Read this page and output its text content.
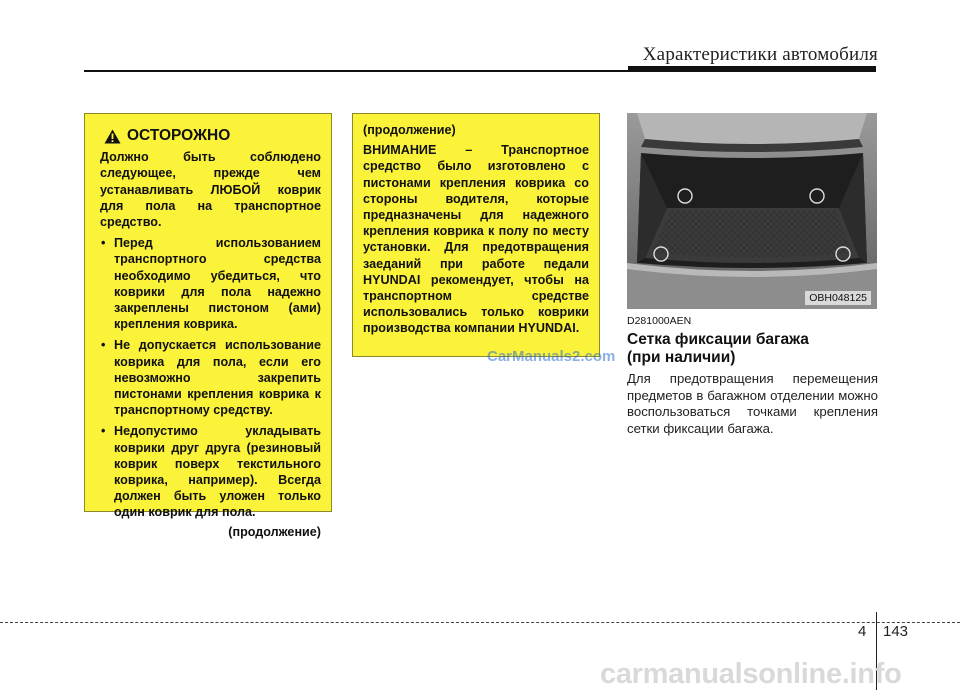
Характеристики автомобиля
ОСТОРОЖНО
Должно быть соблюдено
следующее, прежде чем
устанавливать ЛЮБОЙ коврик
для пола на транспортное
средство.
• Перед использованием транспортного средства необходимо убедиться, что коврики для пола надежно закреплены пистоном (ами) крепления коврика.
• Не допускается использование коврика для пола, если его невозможно закрепить пистонами крепления коврика к транспортному средству.
• Недопустимо укладывать коврики друг друга (резиновый коврик поверх текстильного коврика, например). Всегда должен быть уложен только один коврик для пола.
(продолжение)
(продолжение)
ВНИМАНИЕ – Транспортное средство было изготовлено с пистонами крепления коврика со стороны водителя, которые предназначены для надежного крепления коврика к полу по месту установки. Для предотвращения заеданий при работе педали HYUNDAI рекомендует, чтобы на транспортном средстве использовались только коврики производства компании HYUNDAI.
CarManuals2.com
OBH048125
D281000AEN
Сетка фиксации багажа
(при наличии)
Для предотвращения перемещения предметов в багажном отделении можно воспользоваться точками крепления сетки фиксации багажа.
4 143
carmanualsonline.info
